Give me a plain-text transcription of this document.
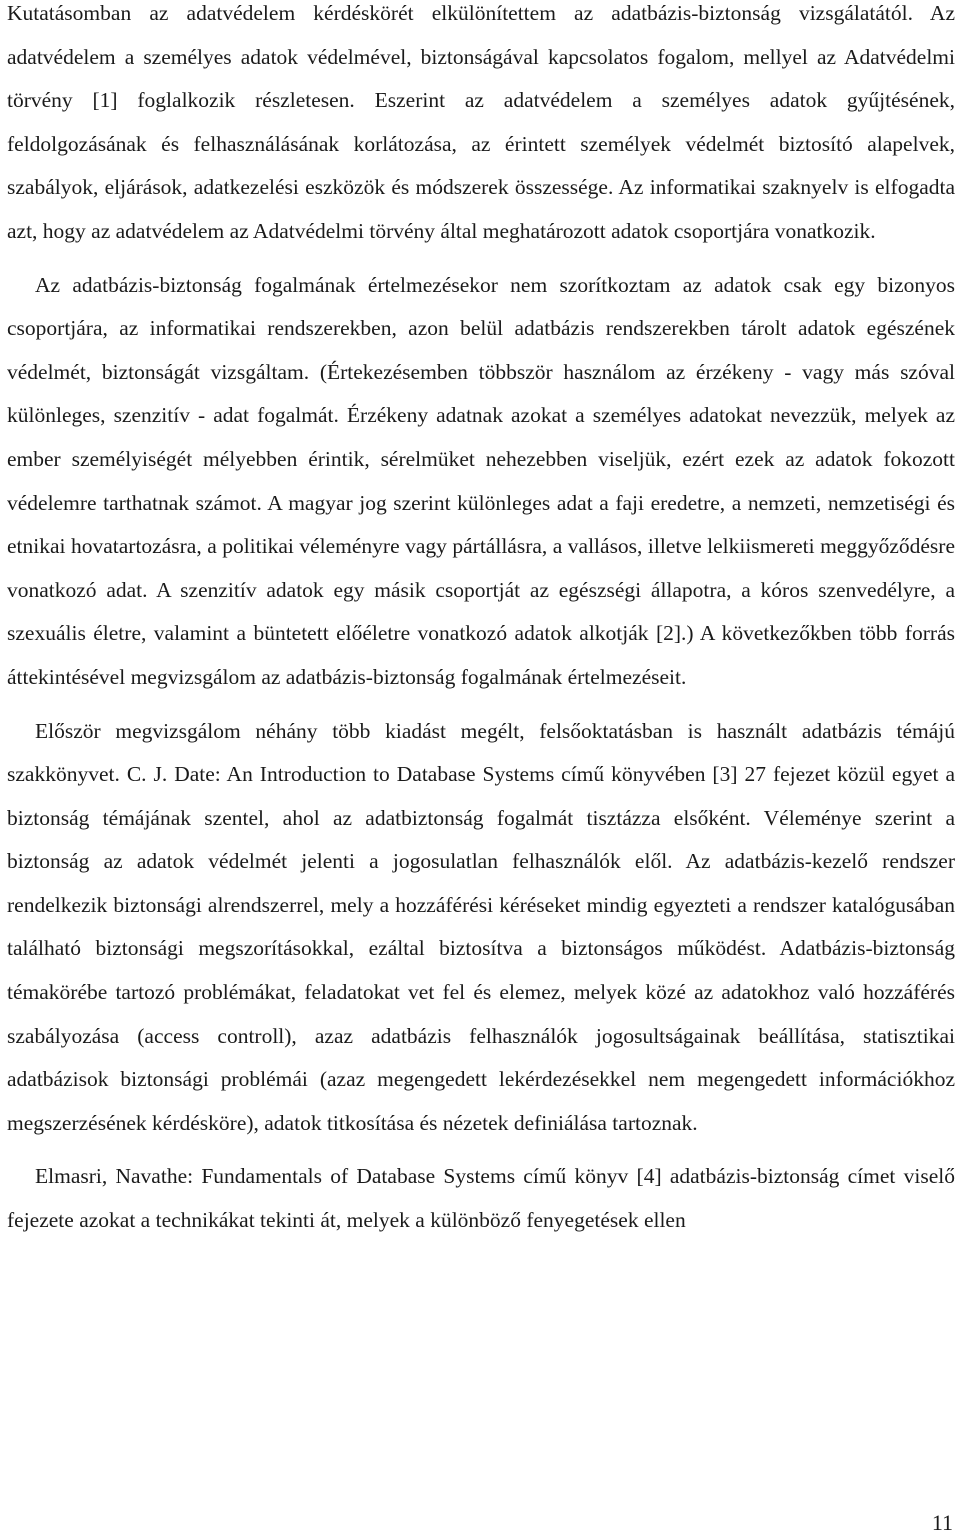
Kutatásomban az adatvédelem kérdéskörét elkülönítettem az adatbázis-biztonság vizsgálatától. Az adatvédelem a személyes adatok védelmével, biztonságával kapcsolatos fogalom, mellyel az Adatvédelmi törvény [1] foglalkozik részletesen. Eszerint az adatvédelem a személyes adatok gyűjtésének, feldolgozásának és felhasználásának korlátozása, az érintett személyek védelmét biztosító alapelvek, szabályok, eljárások, adatkezelési eszközök és módszerek összessége. Az informatikai szaknyelv is elfogadta azt, hogy az adatvédelem az Adatvédelmi törvény által meghatározott adatok csoportjára vonatkozik.

Az adatbázis-biztonság fogalmának értelmezésekor nem szorítkoztam az adatok csak egy bizonyos csoportjára, az informatikai rendszerekben, azon belül adatbázis rendszerekben tárolt adatok egészének védelmét, biztonságát vizsgáltam. (Értekezésemben többször használom az érzékeny - vagy más szóval különleges, szenzitív - adat fogalmát. Érzékeny adatnak azokat a személyes adatokat nevezzük, melyek az ember személyiségét mélyebben érintik, sérelmüket nehezebben viseljük, ezért ezek az adatok fokozott védelemre tarthatnak számot. A magyar jog szerint különleges adat a faji eredetre, a nemzeti, nemzetiségi és etnikai hovatartozásra, a politikai véleményre vagy pártállásra, a vallásos, illetve lelkiismereti meggyőződésre vonatkozó adat. A szenzitív adatok egy másik csoportját az egészségi állapotra, a kóros szenvedélyre, a szexuális életre, valamint a büntetett előéletre vonatkozó adatok alkotják [2].) A következőkben több forrás áttekintésével megvizsgálom az adatbázis-biztonság fogalmának értelmezéseit.

Először megvizsgálom néhány több kiadást megélt, felsőoktatásban is használt adatbázis témájú szakkönyvet. C. J. Date: An Introduction to Database Systems című könyvében [3] 27 fejezet közül egyet a biztonság témájának szentel, ahol az adatbiztonság fogalmát tisztázza elsőként. Véleménye szerint a biztonság az adatok védelmét jelenti a jogosulatlan felhasználók elől. Az adatbázis-kezelő rendszer rendelkezik biztonsági alrendszerrel, mely a hozzáférési kéréseket mindig egyezteti a rendszer katalógusában található biztonsági megszorításokkal, ezáltal biztosítva a biztonságos működést. Adatbázis-biztonság témakörébe tartozó problémákat, feladatokat vet fel és elemez, melyek közé az adatokhoz való hozzáférés szabályozása (access controll), azaz adatbázis felhasználók jogosultságainak beállítása, statisztikai adatbázisok biztonsági problémái (azaz megengedett lekérdezésekkel nem megengedett információkhoz megszerzésének kérdésköre), adatok titkosítása és nézetek definiálása tartoznak.

Elmasri, Navathe: Fundamentals of Database Systems című könyv [4] adatbázis-biztonság címet viselő fejezete azokat a technikákat tekinti át, melyek a különböző fenyegetések ellen

11
